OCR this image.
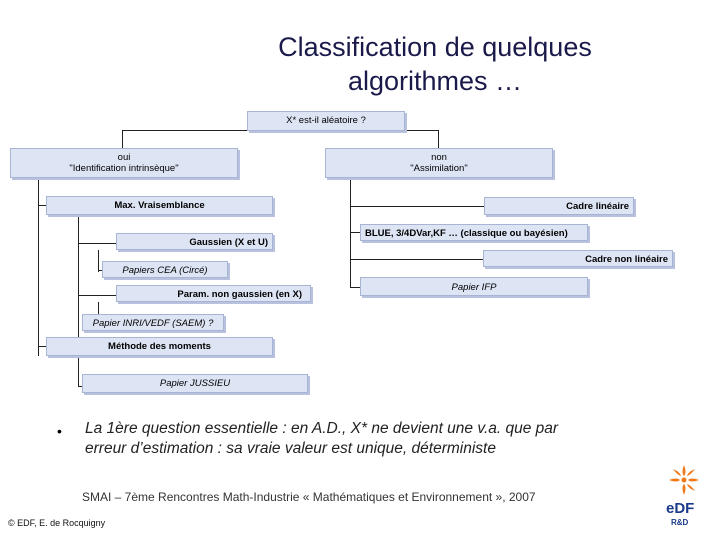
Classification de quelques
algorithmes …
X* est-il aléatoire ?
oui
"Identification intrinsèque"
non
"Assimilation"
Max. Vraisemblance
Gaussien (X et U)
Papiers CEA (Circé)
Param. non gaussien (en X)
Papier INRI/VEDF (SAEM) ?
Méthode des moments
Papier JUSSIEU
Cadre linéaire
BLUE, 3/4DVar,KF … (classique ou bayésien)
Cadre non linéaire
Papier IFP
• La 1ère question essentielle : en A.D., X* ne devient une v.a. que par
erreur d’estimation : sa vraie valeur est unique, déterministe
SMAI – 7ème Rencontres Math-Industrie « Mathématiques et Environnement », 2007
© EDF, E. de Rocquigny
eDF
R&D
